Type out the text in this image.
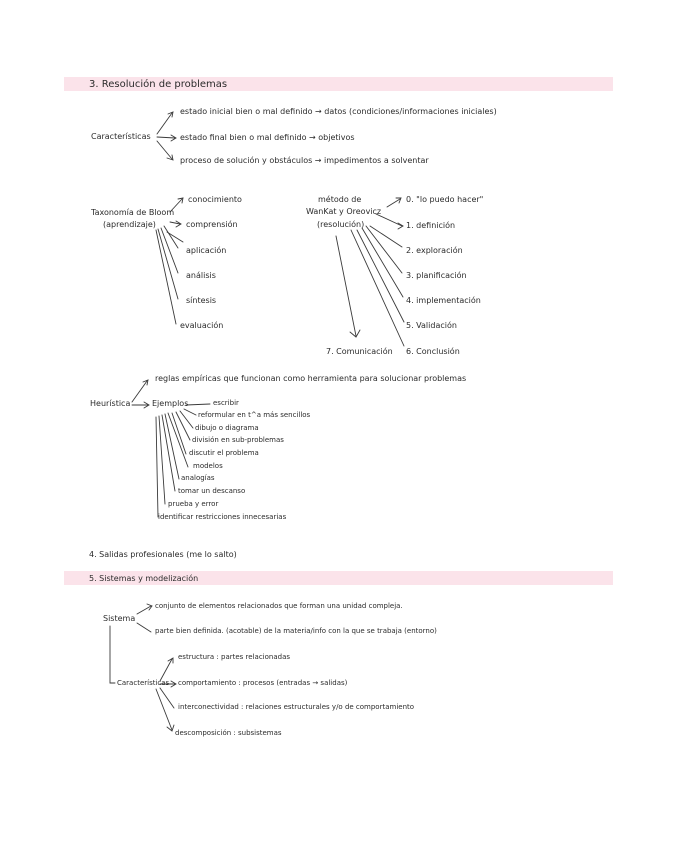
3. Resolución de problemas
Características
estado inicial bien o mal definido → datos (condiciones/informaciones iniciales)
estado final bien o mal definido → objetivos
proceso de solución y obstáculos → impedimentos a solventar
Taxonomía de Bloom
(aprendizaje)
conocimiento
comprensión
aplicación
análisis
síntesis
evaluación
método de
WanKat y Oreovicz
(resolución)
0. "lo puedo hacer"
1. definición
2. exploración
3. planificación
4. implementación
5. Validación
6. Conclusión
7. Comunicación
Heurística
reglas empíricas que funcionan como herramienta para solucionar problemas
Ejemplos	escribir
reformular en t^a más sencillos
dibujo o diagrama
división en sub-problemas
discutir el problema
modelos
analogías
tomar un descanso
prueba y error
identificar restricciones innecesarias
4. Salidas profesionales (me lo salto)
5. Sistemas y modelización
Sistema
conjunto de elementos relacionados que forman una unidad compleja.
parte bien definida. (acotable) de la materia/info con la que se trabaja (entorno)
Características
estructura : partes relacionadas
comportamiento : procesos (entradas → salidas)
interconectividad : relaciones estructurales y/o de comportamiento
descomposición : subsistemas
